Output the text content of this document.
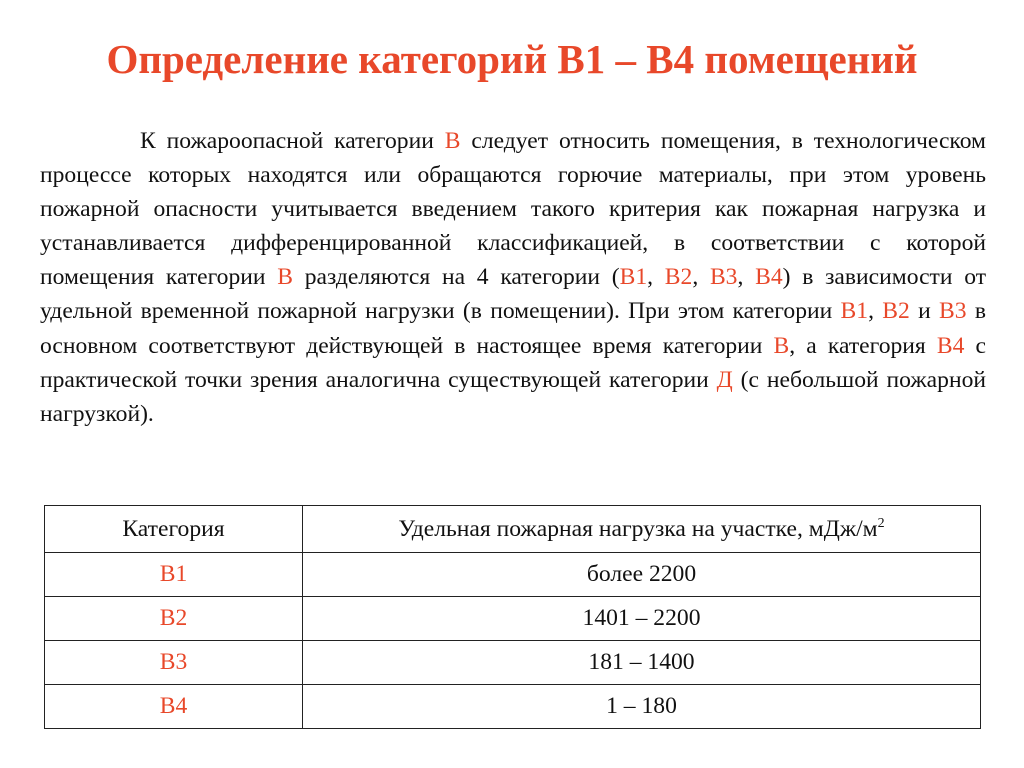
Определение категорий В1 – В4 помещений

К пожароопасной категории В следует относить помещения, в технологическом процессе которых находятся или обращаются горючие материалы, при этом уровень пожарной опасности учитывается введением такого критерия как пожарная нагрузка и устанавливается дифференцированной классификацией, в соответствии с которой помещения категории В разделяются на 4 категории (В1, В2, В3, В4) в зависимости от удельной временной пожарной нагрузки (в помещении). При этом категории В1, В2 и В3 в основном соответствуют действующей в настоящее время категории В, а категория В4 с практической точки зрения аналогична существующей категории Д (с небольшой пожарной нагрузкой).

Категория	Удельная пожарная нагрузка на участке, мДж/$м^2$
В1	более 2200
В2	1401 – 2200
В3	181 – 1400
В4	1 – 180
